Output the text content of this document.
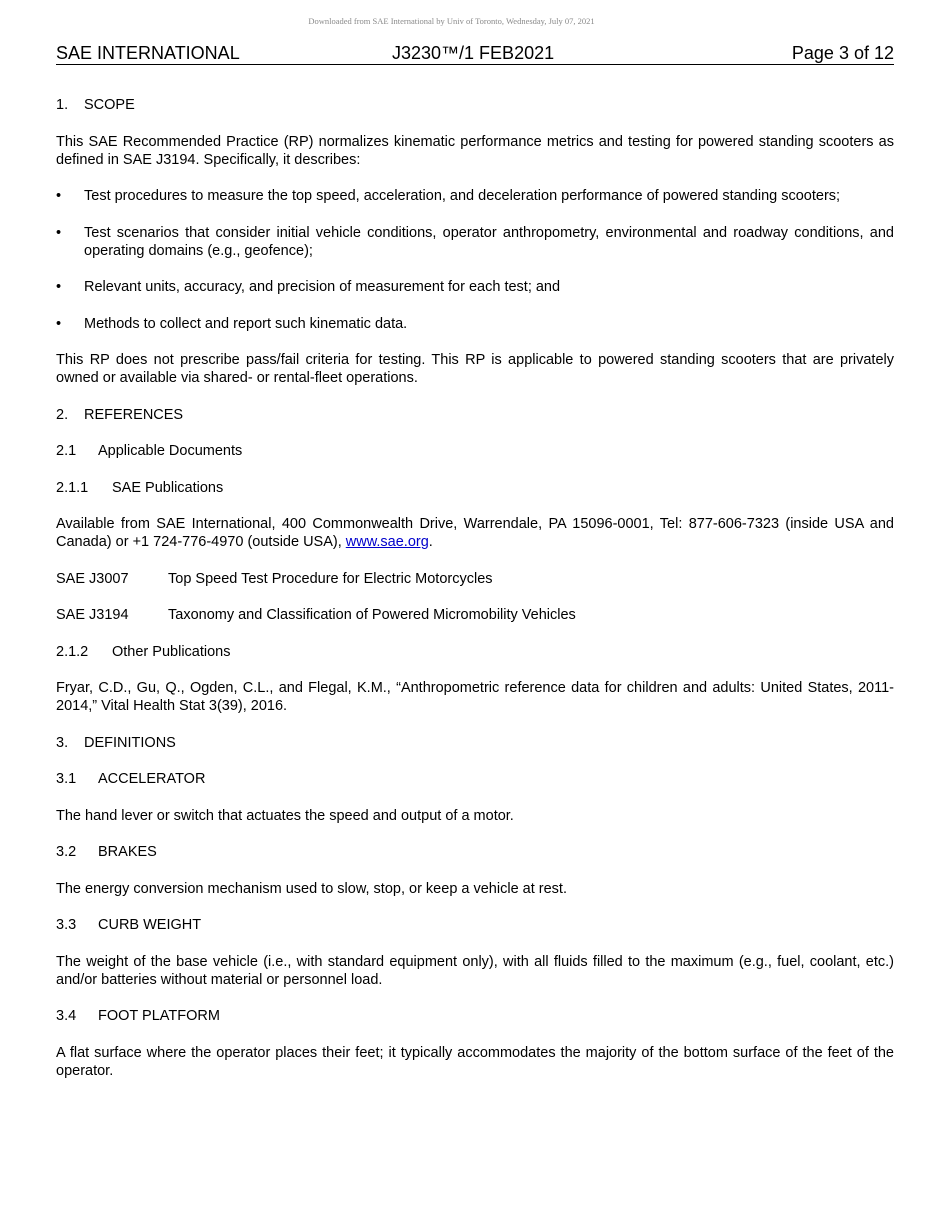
Downloaded from SAE International by Univ of Toronto, Wednesday, July 07, 2021
SAE INTERNATIONAL	J3230™/1 FEB2021	Page 3 of 12
1.	SCOPE
This SAE Recommended Practice (RP) normalizes kinematic performance metrics and testing for powered standing scooters as defined in SAE J3194. Specifically, it describes:
•	Test procedures to measure the top speed, acceleration, and deceleration performance of powered standing scooters;
•	Test scenarios that consider initial vehicle conditions, operator anthropometry, environmental and roadway conditions, and operating domains (e.g., geofence);
•	Relevant units, accuracy, and precision of measurement for each test; and
•	Methods to collect and report such kinematic data.
This RP does not prescribe pass/fail criteria for testing. This RP is applicable to powered standing scooters that are privately owned or available via shared- or rental-fleet operations.
2.	REFERENCES
2.1	Applicable Documents
2.1.1	SAE Publications
Available from SAE International, 400 Commonwealth Drive, Warrendale, PA 15096-0001, Tel: 877-606-7323 (inside USA and Canada) or +1 724-776-4970 (outside USA), www.sae.org.
SAE J3007	Top Speed Test Procedure for Electric Motorcycles
SAE J3194	Taxonomy and Classification of Powered Micromobility Vehicles
2.1.2	Other Publications
Fryar, C.D., Gu, Q., Ogden, C.L., and Flegal, K.M., “Anthropometric reference data for children and adults: United States, 2011-2014,” Vital Health Stat 3(39), 2016.
3.	DEFINITIONS
3.1	ACCELERATOR
The hand lever or switch that actuates the speed and output of a motor.
3.2	BRAKES
The energy conversion mechanism used to slow, stop, or keep a vehicle at rest.
3.3	CURB WEIGHT
The weight of the base vehicle (i.e., with standard equipment only), with all fluids filled to the maximum (e.g., fuel, coolant, etc.) and/or batteries without material or personnel load.
3.4	FOOT PLATFORM
A flat surface where the operator places their feet; it typically accommodates the majority of the bottom surface of the feet of the operator.
